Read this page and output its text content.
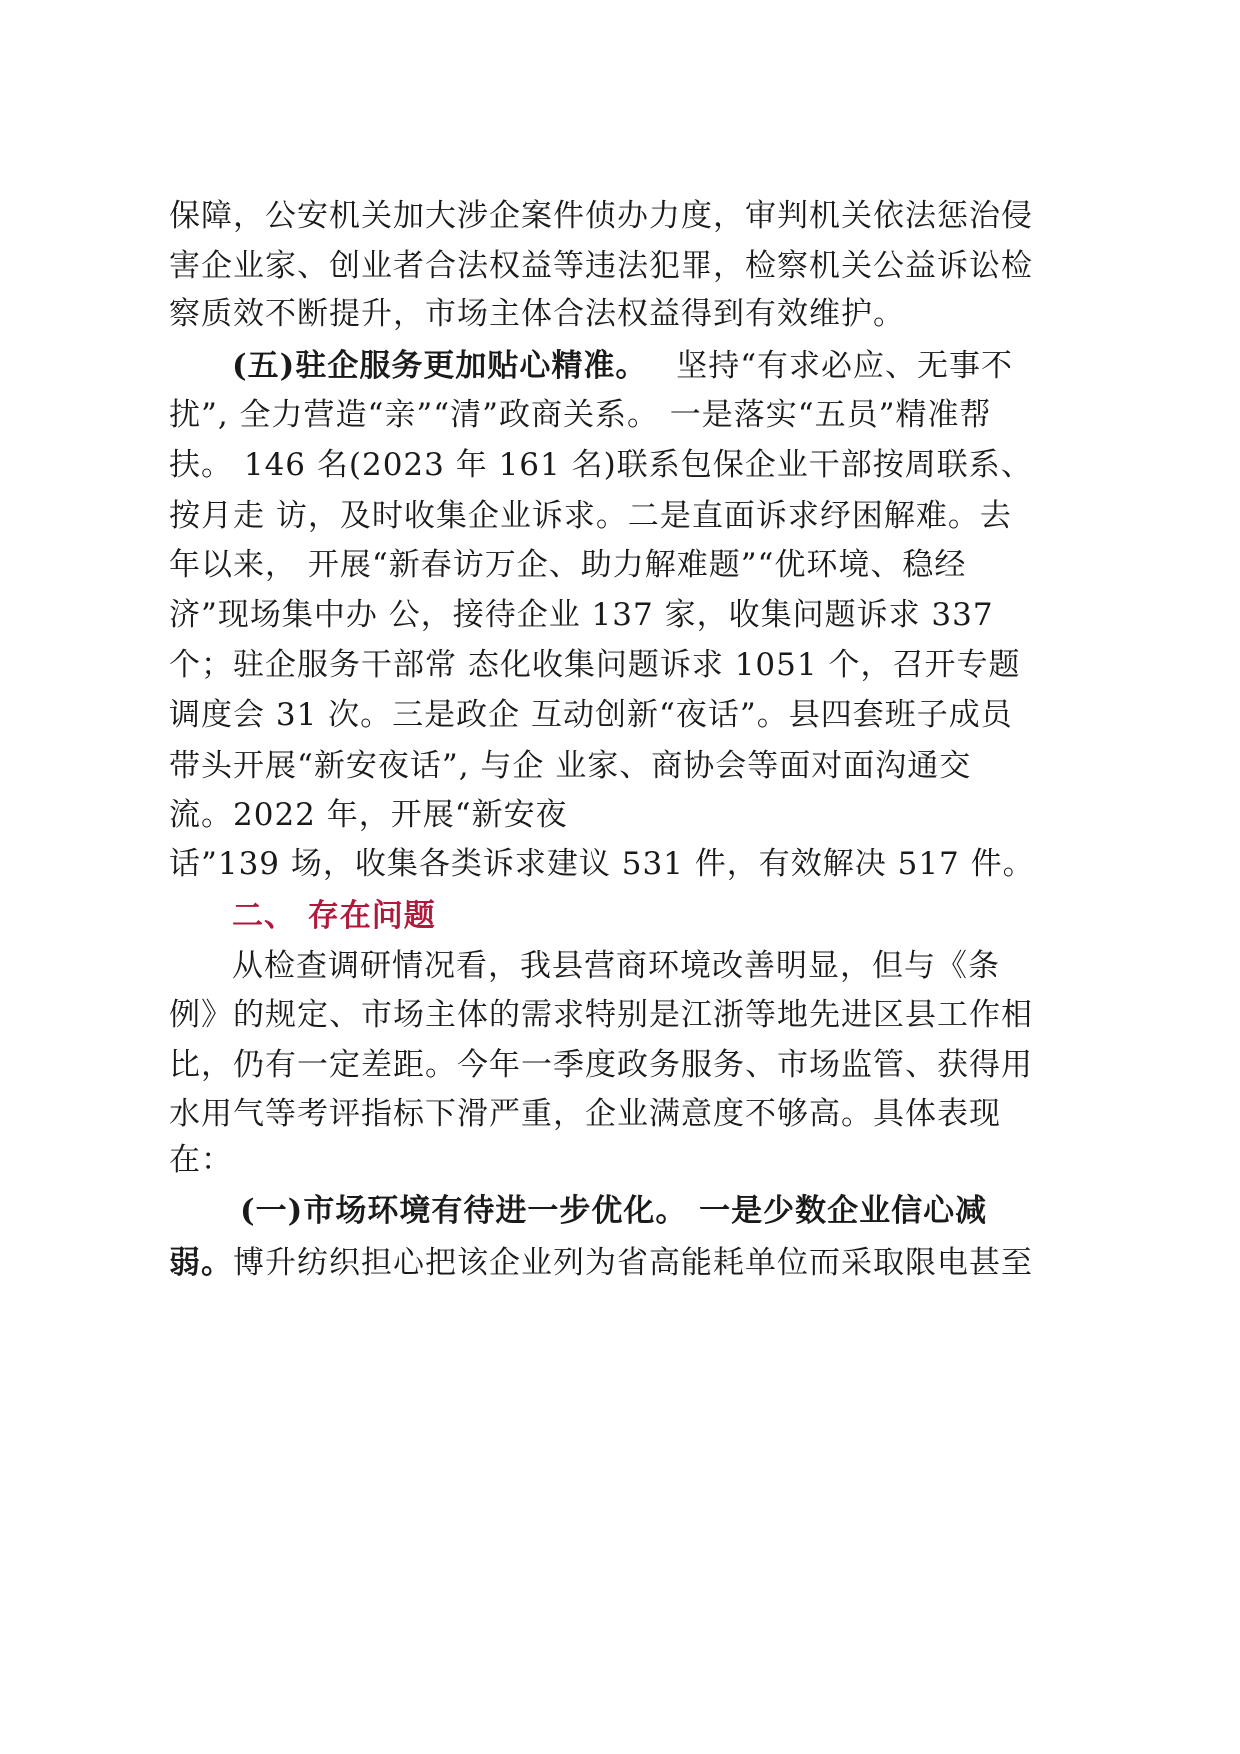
保障，公安机关加大涉企案件侦办力度，审判机关依法惩治侵
害企业家、创业者合法权益等违法犯罪，检察机关公益诉讼检
察质效不断提升，市场主体合法权益得到有效维护。
(五)驻企服务更加贴心精准。 坚持“有求必应、无事不
扰”, 全力营造“亲”“清”政商关系。 一是落实“五员”精准帮
扶。 146 名(2023 年 161 名)联系包保企业干部按周联系、
按月走 访，及时收集企业诉求。二是直面诉求纾困解难。去
年以来， 开展“新春访万企、助力解难题”“优环境、稳经
济”现场集中办 公，接待企业 137 家，收集问题诉求 337
个；驻企服务干部常 态化收集问题诉求 1051 个，召开专题
调度会 31 次。三是政企 互动创新“夜话”。县四套班子成员
带头开展“新安夜话”, 与企 业家、商协会等面对面沟通交
流。2022 年，开展“新安夜
话”139 场，收集各类诉求建议 531 件，有效解决 517 件。
二、 存在问题
从检查调研情况看，我县营商环境改善明显，但与《条
例》的规定、市场主体的需求特别是江浙等地先进区县工作相
比，仍有一定差距。今年一季度政务服务、市场监管、获得用
水用气等考评指标下滑严重，企业满意度不够高。具体表现
在：
(一)市场环境有待进一步优化。 一是少数企业信心减
弱。博升纺织担心把该企业列为省高能耗单位而采取限电甚至
